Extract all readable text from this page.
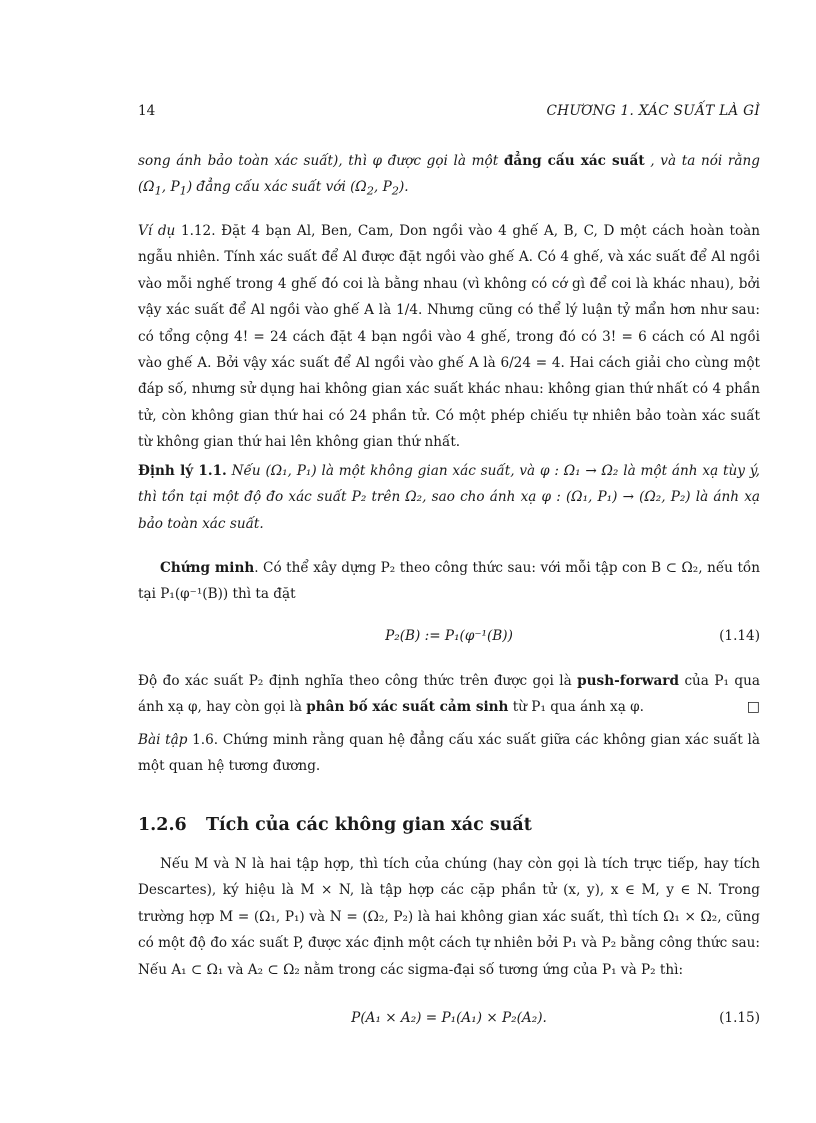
14	CHƯƠNG 1. XÁC SUẤT LÀ GÌ
song ánh bảo toàn xác suất), thì φ được gọi là một đẳng cấu xác suất , và ta nói rằng ($\Omega_1$, $P_1$) đẳng cấu xác suất với ($\Omega_2$, $P_2$).
Ví dụ 1.12. Đặt 4 bạn Al, Ben, Cam, Don ngồi vào 4 ghế A, B, C, D một cách hoàn toàn ngẫu nhiên. Tính xác suất để Al được đặt ngồi vào ghế A. Có 4 ghế, và xác suất để Al ngồi vào mỗi nghế trong 4 ghế đó coi là bằng nhau (vì không có cớ gì để coi là khác nhau), bởi vậy xác suất để Al ngồi vào ghế A là 1/4. Nhưng cũng có thể lý luận tỷ mẩn hơn như sau: có tổng cộng 4! = 24 cách đặt 4 bạn ngồi vào 4 ghế, trong đó có 3! = 6 cách có Al ngồi vào ghế A. Bởi vậy xác suất để Al ngồi vào ghế A là 6/24 = 4. Hai cách giải cho cùng một đáp số, nhưng sử dụng hai không gian xác suất khác nhau: không gian thứ nhất có 4 phần tử, còn không gian thứ hai có 24 phần tử. Có một phép chiếu tự nhiên bảo toàn xác suất từ không gian thứ hai lên không gian thứ nhất.
Định lý 1.1. Nếu (Ω₁, P₁) là một không gian xác suất, và φ : Ω₁ → Ω₂ là một ánh xạ tùy ý, thì tồn tại một độ đo xác suất P₂ trên Ω₂, sao cho ánh xạ φ : (Ω₁, P₁) → (Ω₂, P₂) là ánh xạ bảo toàn xác suất.
Chứng minh. Có thể xây dựng P₂ theo công thức sau: với mỗi tập con B ⊂ Ω₂, nếu tồn tại P₁(φ⁻¹(B)) thì ta đặt
P₂(B) := P₁(φ⁻¹(B))	(1.14)
Độ đo xác suất P₂ định nghĩa theo công thức trên được gọi là push-forward của P₁ qua ánh xạ φ, hay còn gọi là phân bố xác suất cảm sinh từ P₁ qua ánh xạ φ.	□
Bài tập 1.6. Chứng minh rằng quan hệ đẳng cấu xác suất giữa các không gian xác suất là một quan hệ tương đương.
1.2.6 Tích của các không gian xác suất
Nếu M và N là hai tập hợp, thì tích của chúng (hay còn gọi là tích trực tiếp, hay tích Descartes), ký hiệu là M × N, là tập hợp các cặp phần tử (x, y), x ∈ M, y ∈ N. Trong trường hợp M = (Ω₁, P₁) và N = (Ω₂, P₂) là hai không gian xác suất, thì tích Ω₁ × Ω₂, cũng có một độ đo xác suất P, được xác định một cách tự nhiên bởi P₁ và P₂ bằng công thức sau: Nếu A₁ ⊂ Ω₁ và A₂ ⊂ Ω₂ nằm trong các sigma-đại số tương ứng của P₁ và P₂ thì:
P(A₁ × A₂) = P₁(A₁) × P₂(A₂).	(1.15)
